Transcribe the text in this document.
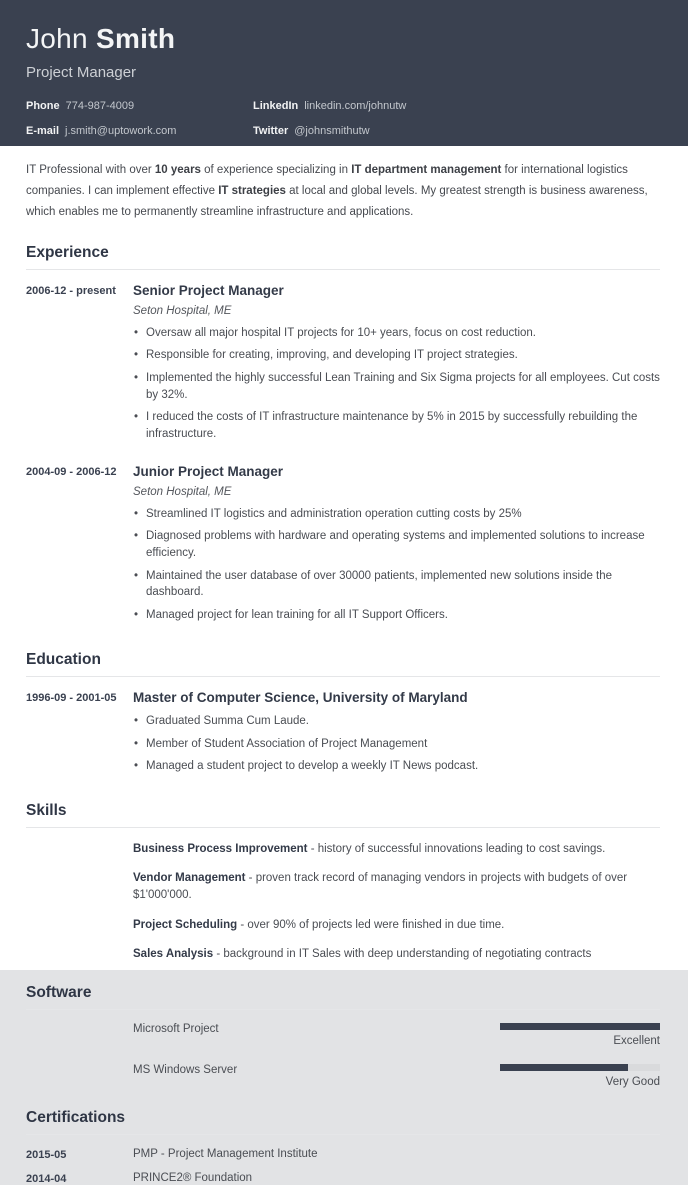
John Smith
Project Manager
Phone 774-987-4009
E-mail j.smith@uptowork.com
LinkedIn linkedin.com/johnutw
Twitter @johnsmithutw

IT Professional with over 10 years of experience specializing in IT department management for international logistics companies. I can implement effective IT strategies at local and global levels. My greatest strength is business awareness, which enables me to permanently streamline infrastructure and applications.

Experience
2006-12 - present	Senior Project Manager
Seton Hospital, ME
• Oversaw all major hospital IT projects for 10+ years, focus on cost reduction.
• Responsible for creating, improving, and developing IT project strategies.
• Implemented the highly successful Lean Training and Six Sigma projects for all employees. Cut costs by 32%.
• I reduced the costs of IT infrastructure maintenance by 5% in 2015 by successfully rebuilding the infrastructure.
2004-09 - 2006-12	Junior Project Manager
Seton Hospital, ME
• Streamlined IT logistics and administration operation cutting costs by 25%
• Diagnosed problems with hardware and operating systems and implemented solutions to increase efficiency.
• Maintained the user database of over 30000 patients, implemented new solutions inside the dashboard.
• Managed project for lean training for all IT Support Officers.
Education
1996-09 - 2001-05	Master of Computer Science, University of Maryland
• Graduated Summa Cum Laude.
• Member of Student Association of Project Management
• Managed a student project to develop a weekly IT News podcast.
Skills
Business Process Improvement - history of successful innovations leading to cost savings.
Vendor Management - proven track record of managing vendors in projects with budgets of over $1'000'000.
Project Scheduling - over 90% of projects led were finished in due time.
Sales Analysis - background in IT Sales with deep understanding of negotiating contracts
Software
Microsoft Project
Excellent
MS Windows Server
Very Good
Certifications
2015-05	PMP - Project Management Institute
2014-04	PRINCE2® Foundation
